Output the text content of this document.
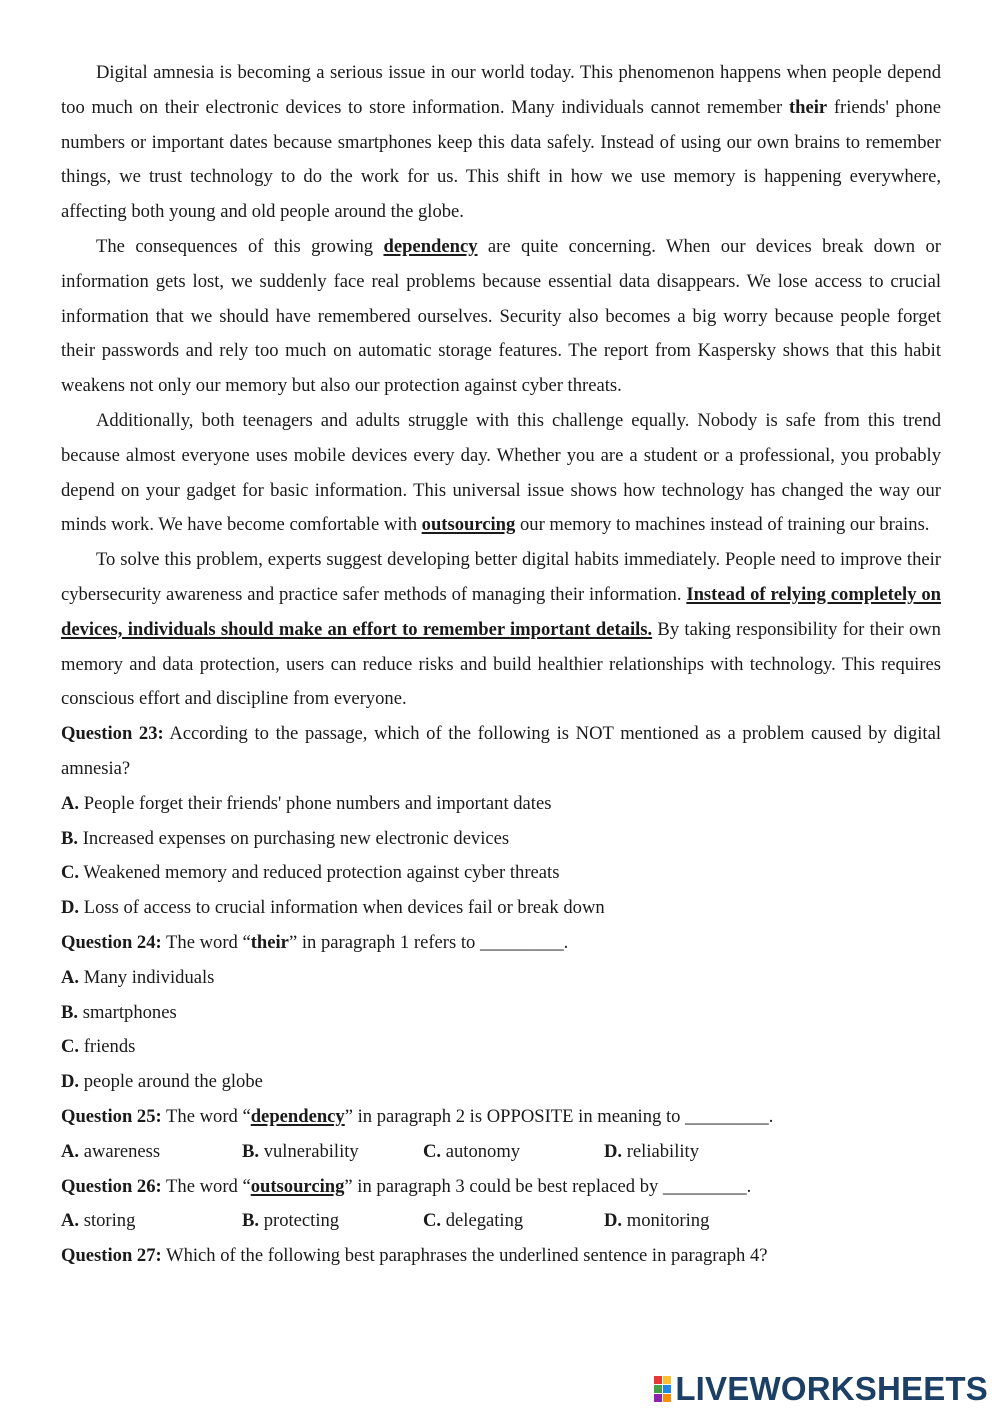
Digital amnesia is becoming a serious issue in our world today. This phenomenon happens when people depend too much on their electronic devices to store information. Many individuals cannot remember their friends' phone numbers or important dates because smartphones keep this data safely. Instead of using our own brains to remember things, we trust technology to do the work for us. This shift in how we use memory is happening everywhere, affecting both young and old people around the globe.

The consequences of this growing dependency are quite concerning. When our devices break down or information gets lost, we suddenly face real problems because essential data disappears. We lose access to crucial information that we should have remembered ourselves. Security also becomes a big worry because people forget their passwords and rely too much on automatic storage features. The report from Kaspersky shows that this habit weakens not only our memory but also our protection against cyber threats.

Additionally, both teenagers and adults struggle with this challenge equally. Nobody is safe from this trend because almost everyone uses mobile devices every day. Whether you are a student or a professional, you probably depend on your gadget for basic information. This universal issue shows how technology has changed the way our minds work. We have become comfortable with outsourcing our memory to machines instead of training our brains.

To solve this problem, experts suggest developing better digital habits immediately. People need to improve their cybersecurity awareness and practice safer methods of managing their information. Instead of relying completely on devices, individuals should make an effort to remember important details. By taking responsibility for their own memory and data protection, users can reduce risks and build healthier relationships with technology. This requires conscious effort and discipline from everyone.

Question 23: According to the passage, which of the following is NOT mentioned as a problem caused by digital amnesia?

A. People forget their friends' phone numbers and important dates

B. Increased expenses on purchasing new electronic devices

C. Weakened memory and reduced protection against cyber threats

D. Loss of access to crucial information when devices fail or break down

Question 24: The word “their” in paragraph 1 refers to _________.

A. Many individuals

B. smartphones

C. friends

D. people around the globe

Question 25: The word “dependency” in paragraph 2 is OPPOSITE in meaning to _________.

A. awareness	B. vulnerability	C. autonomy	D. reliability

Question 26: The word “outsourcing” in paragraph 3 could be best replaced by _________.

A. storing	B. protecting	C. delegating	D. monitoring

Question 27: Which of the following best paraphrases the underlined sentence in paragraph 4?

LIVEWORKSHEETS
